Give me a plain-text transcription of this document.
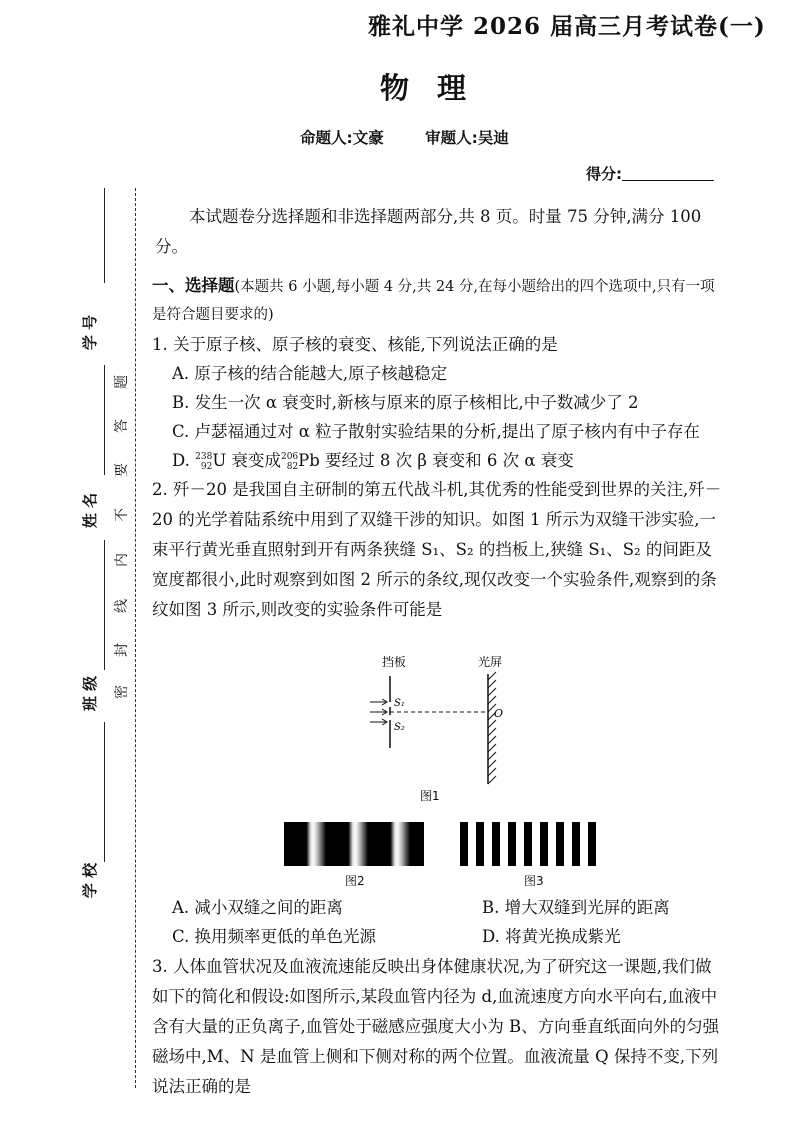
雅礼中学 2026 届高三月考试卷(一)
物理
命题人:文豪	审题人:吴迪
得分:
学 号
姓 名
班 级
学 校
题
答
要
不
内
线
封
密
本试题卷分选择题和非选择题两部分,共 8 页。时量 75 分钟,满分 100 分。
一、选择题(本题共 6 小题,每小题 4 分,共 24 分,在每小题给出的四个选项中,只有一项是符合题目要求的)
1. 关于原子核、原子核的衰变、核能,下列说法正确的是
A. 原子核的结合能越大,原子核越稳定
B. 发生一次 α 衰变时,新核与原来的原子核相比,中子数减少了 2
C. 卢瑟福通过对 α 粒子散射实验结果的分析,提出了原子核内有中子存在
D. 238
92U 衰变成206
82Pb 要经过 8 次 β 衰变和 6 次 α 衰变
2. 歼－20 是我国自主研制的第五代战斗机,其优秀的性能受到世界的关注,歼－20 的光学着陆系统中用到了双缝干涉的知识。如图 1 所示为双缝干涉实验,一束平行黄光垂直照射到开有两条狭缝 S₁、S₂ 的挡板上,狭缝 S₁、S₂ 的间距及宽度都很小,此时观察到如图 2 所示的条纹,现仅改变一个实验条件,观察到的条纹如图 3 所示,则改变的实验条件可能是
挡板	光屏
S₁
S₂
O
图1
图2	图3
A. 减小双缝之间的距离	B. 增大双缝到光屏的距离
C. 换用频率更低的单色光源	D. 将黄光换成紫光
3. 人体血管状况及血液流速能反映出身体健康状况,为了研究这一课题,我们做如下的简化和假设:如图所示,某段血管内径为 d,血流速度方向水平向右,血液中含有大量的正负离子,血管处于磁感应强度大小为 B、方向垂直纸面向外的匀强磁场中,M、N 是血管上侧和下侧对称的两个位置。血液流量 Q 保持不变,下列说法正确的是
